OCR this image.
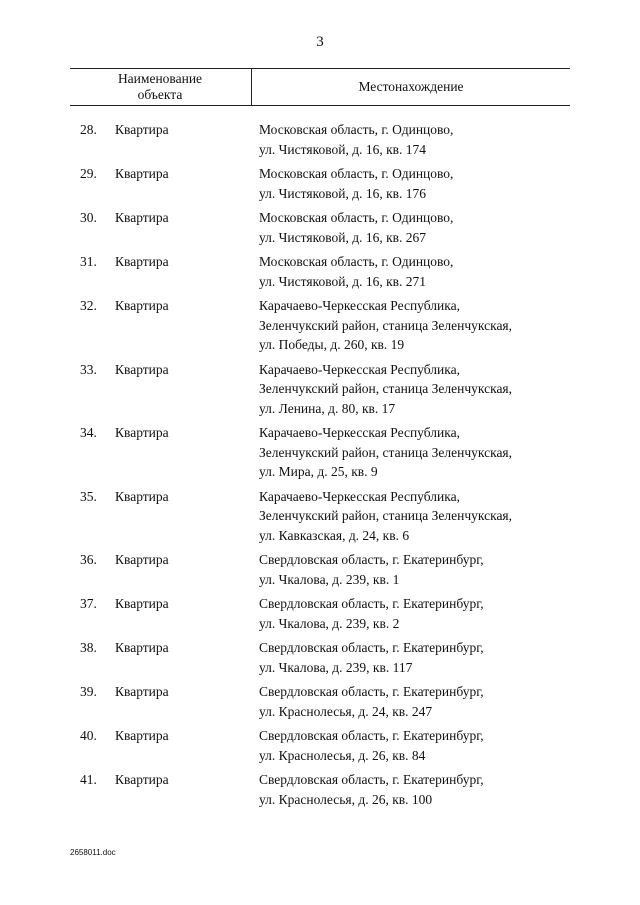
3
Наименование
объекта
Местонахождение
28.	Квартира	Московская область, г. Одинцово,
ул. Чистяковой, д. 16, кв. 174
29.	Квартира	Московская область, г. Одинцово,
ул. Чистяковой, д. 16, кв. 176
30.	Квартира	Московская область, г. Одинцово,
ул. Чистяковой, д. 16, кв. 267
31.	Квартира	Московская область, г. Одинцово,
ул. Чистяковой, д. 16, кв. 271
32.	Квартира	Карачаево-Черкесская Республика,
Зеленчукский район, станица Зеленчукская,
ул. Победы, д. 260, кв. 19
33.	Квартира	Карачаево-Черкесская Республика,
Зеленчукский район, станица Зеленчукская,
ул. Ленина, д. 80, кв. 17
34.	Квартира	Карачаево-Черкесская Республика,
Зеленчукский район, станица Зеленчукская,
ул. Мира, д. 25, кв. 9
35.	Квартира	Карачаево-Черкесская Республика,
Зеленчукский район, станица Зеленчукская,
ул. Кавказская, д. 24, кв. 6
36.	Квартира	Свердловская область, г. Екатеринбург,
ул. Чкалова, д. 239, кв. 1
37.	Квартира	Свердловская область, г. Екатеринбург,
ул. Чкалова, д. 239, кв. 2
38.	Квартира	Свердловская область, г. Екатеринбург,
ул. Чкалова, д. 239, кв. 117
39.	Квартира	Свердловская область, г. Екатеринбург,
ул. Краснолесья, д. 24, кв. 247
40.	Квартира	Свердловская область, г. Екатеринбург,
ул. Краснолесья, д. 26, кв. 84
41.	Квартира	Свердловская область, г. Екатеринбург,
ул. Краснолесья, д. 26, кв. 100
2658011.doc
